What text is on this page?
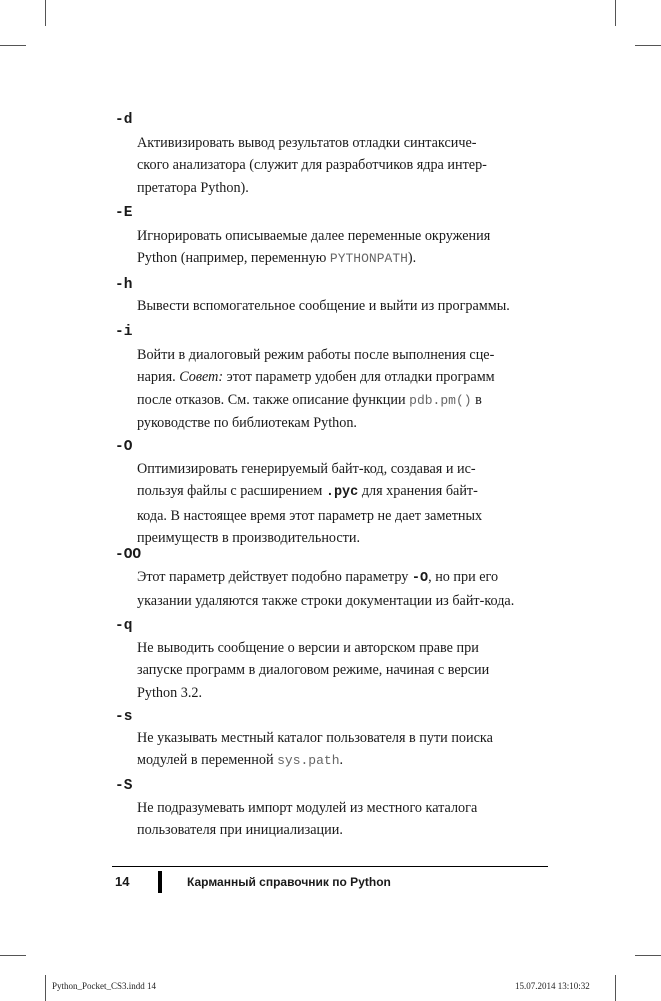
-d
Активизировать вывод результатов отладки синтаксиче-
ского анализатора (служит для разработчиков ядра интер-
претатора Python).
-E
Игнорировать описываемые далее переменные окружения
Python (например, переменную PYTHONPATH).
-h
Вывести вспомогательное сообщение и выйти из программы.
-i
Войти в диалоговый режим работы после выполнения сце-
нария. Совет: этот параметр удобен для отладки программ
после отказов. См. также описание функции pdb.pm() в
руководстве по библиотекам Python.
-O
Оптимизировать генерируемый байт-код, создавая и ис-
пользуя файлы с расширением .pyc для хранения байт-
кода. В настоящее время этот параметр не дает заметных
преимуществ в производительности.
-OO
Этот параметр действует подобно параметру -O, но при его
указании удаляются также строки документации из байт-кода.
-q
Не выводить сообщение о версии и авторском праве при
запуске программ в диалоговом режиме, начиная с версии
Python 3.2.
-s
Не указывать местный каталог пользователя в пути поиска
модулей в переменной sys.path.
-S
Не подразумевать импорт модулей из местного каталога
пользователя при инициализации.
14	Карманный справочник по Python
Python_Pocket_CS3.indd 14	15.07.2014 13:10:32
